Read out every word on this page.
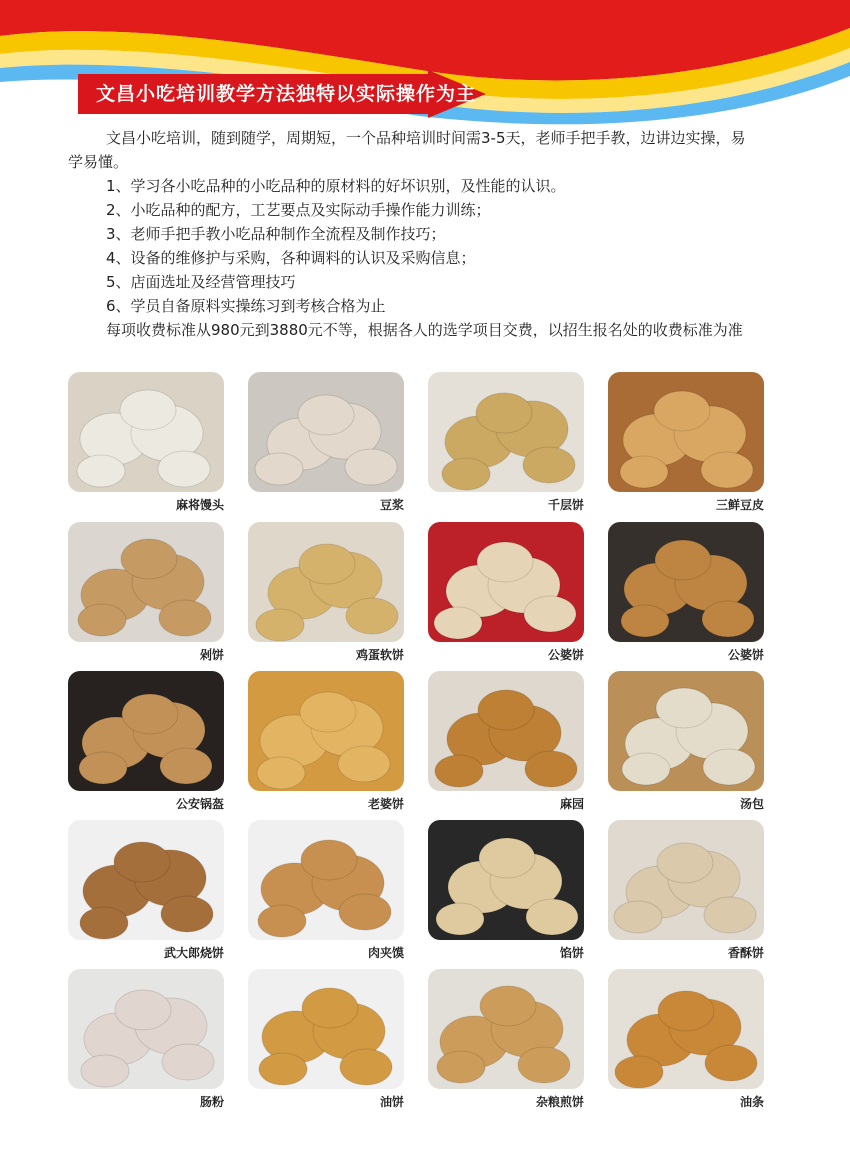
文昌小吃培训教学方法独特以实际操作为主

文昌小吃培训，随到随学，周期短，一个品种培训时间需3-5天，老师手把手教，边讲边实操，易学易懂。

1、学习各小吃品种的小吃品种的原材料的好坏识别，及性能的认识。

2、小吃品种的配方，工艺要点及实际动手操作能力训练；

3、老师手把手教小吃品种制作全流程及制作技巧；

4、设备的维修护与采购，各种调料的认识及采购信息；

5、店面选址及经营管理技巧

6、学员自备原料实操练习到考核合格为止

每项收费标准从980元到3880元不等，根据各人的选学项目交费，以招生报名处的收费标准为准

麻将馒头	豆浆	千层饼	三鲜豆皮
剁饼	鸡蛋软饼	公婆饼	公婆饼
公安锅盔	老婆饼	麻园	汤包
武大郎烧饼	肉夹馍	馅饼	香酥饼
肠粉	油饼	杂粮煎饼	油条
